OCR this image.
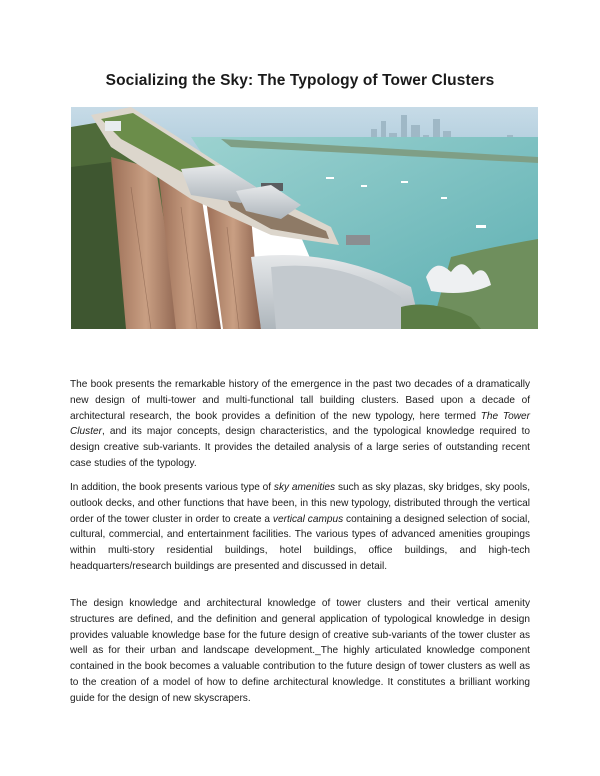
Socializing the Sky: The Typology of Tower Clusters

The book presents the remarkable history of the emergence in the past two decades of a dramatically new design of multi-tower and multi-functional tall building clusters. Based upon a decade of architectural research, the book provides a definition of the new typology, here termed The Tower Cluster, and its major concepts, design characteristics, and the typological knowledge required to design creative sub-variants. It provides the detailed analysis of a large series of outstanding recent case studies of the typology.

In addition, the book presents various type of sky amenities such as sky plazas, sky bridges, sky pools, outlook decks, and other functions that have been, in this new typology, distributed through the vertical order of the tower cluster in order to create a vertical campus containing a designed selection of social, cultural, commercial, and entertainment facilities. The various types of advanced amenities groupings within multi-story residential buildings, hotel buildings, office buildings, and high-tech headquarters/research buildings are presented and discussed in detail.

The design knowledge and architectural knowledge of tower clusters and their vertical amenity structures are defined, and the definition and general application of typological knowledge in design provides valuable knowledge base for the future design of creative sub-variants of the tower cluster as well as for their urban and landscape development._The highly articulated knowledge component contained in the book becomes a valuable contribution to the future design of tower clusters as well as to the creation of a model of how to define architectural knowledge. It constitutes a brilliant working guide for the design of new skyscrapers.
